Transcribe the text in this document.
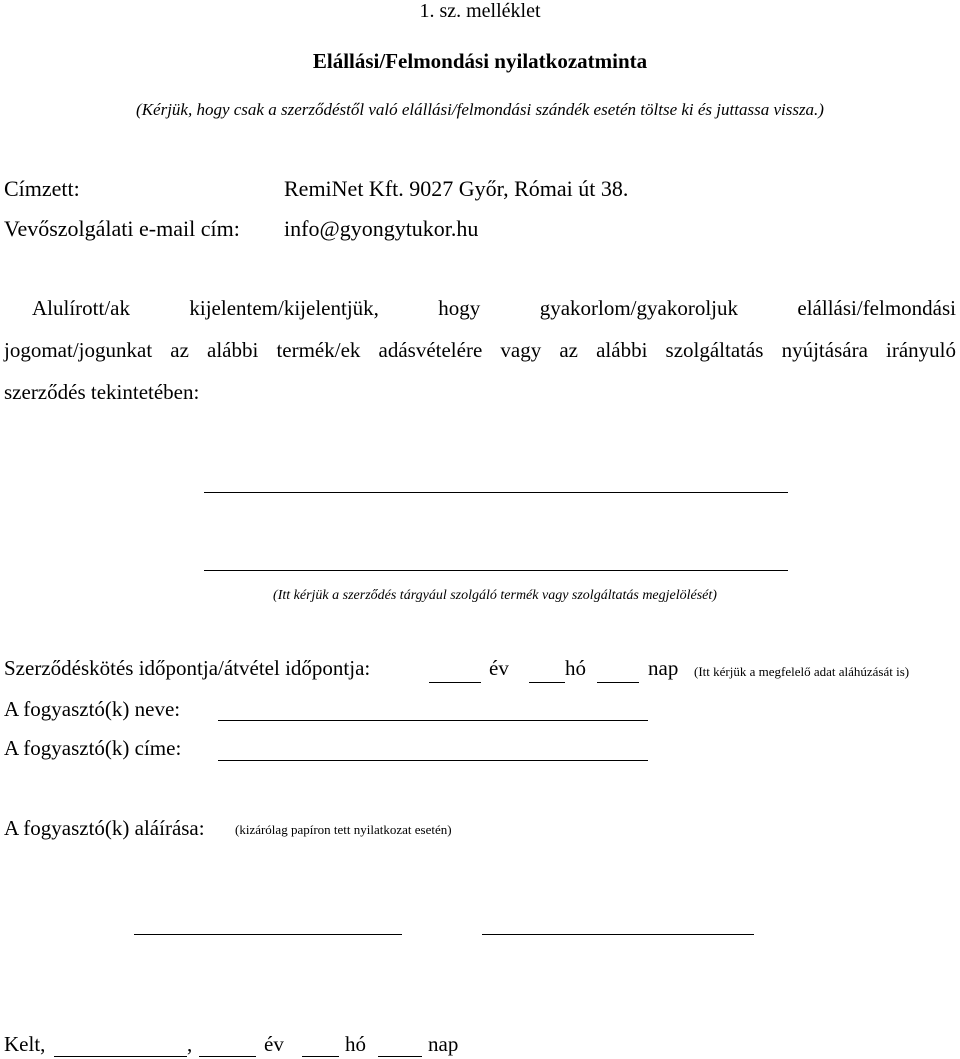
1. sz. melléklet
Elállási/Felmondási nyilatkozatminta
(Kérjük, hogy csak a szerződéstől való elállási/felmondási szándék esetén töltse ki és juttassa vissza.)
Címzett:	RemiNet Kft. 9027 Győr, Római út 38.
Vevőszolgálati e-mail cím: info@gyongytukor.hu
Alulírott/ak kijelentem/kijelentjük, hogy gyakorlom/gyakoroljuk elállási/felmondási
jogomat/jogunkat az alábbi termék/ek adásvételére vagy az alábbi szolgáltatás nyújtására irányuló
szerződés tekintetében:
(Itt kérjük a szerződés tárgyául szolgáló termék vagy szolgáltatás megjelölését)
Szerződéskötés időpontja/átvétel időpontja:	év	hó	nap (Itt kérjük a megfelelő adat aláhúzását is)
A fogyasztó(k) neve:
A fogyasztó(k) címe:
A fogyasztó(k) aláírása: (kizárólag papíron tett nyilatkozat esetén)
Kelt,	,	év	hó	nap
